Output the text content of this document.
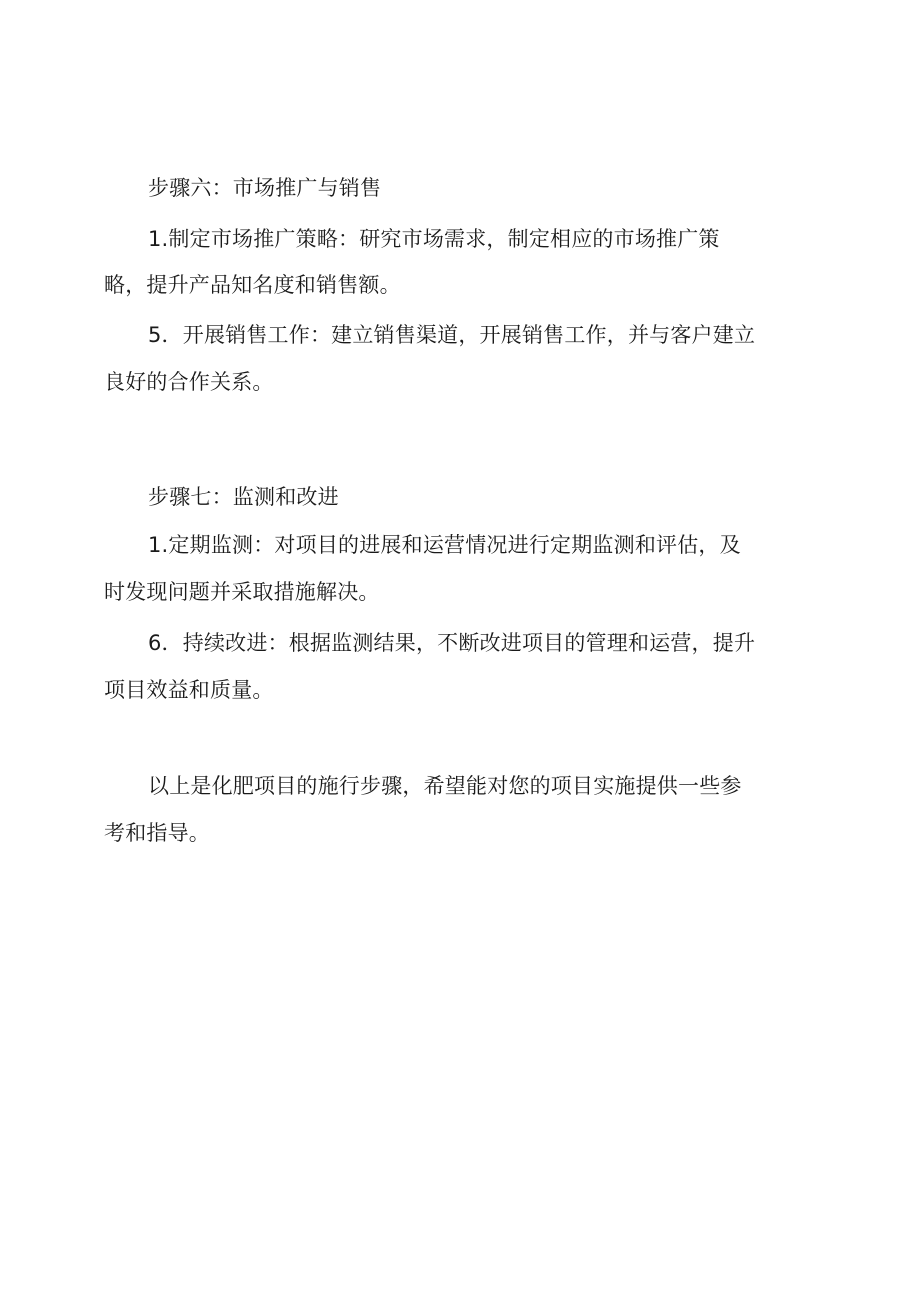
步骤六：市场推广与销售
1.制定市场推广策略：研究市场需求，制定相应的市场推广策
略，提升产品知名度和销售额。
5．开展销售工作：建立销售渠道，开展销售工作，并与客户建立
良好的合作关系。
步骤七：监测和改进
1.定期监测：对项目的进展和运营情况进行定期监测和评估，及
时发现问题并采取措施解决。
6．持续改进：根据监测结果，不断改进项目的管理和运营，提升
项目效益和质量。
以上是化肥项目的施行步骤，希望能对您的项目实施提供一些参
考和指导。
